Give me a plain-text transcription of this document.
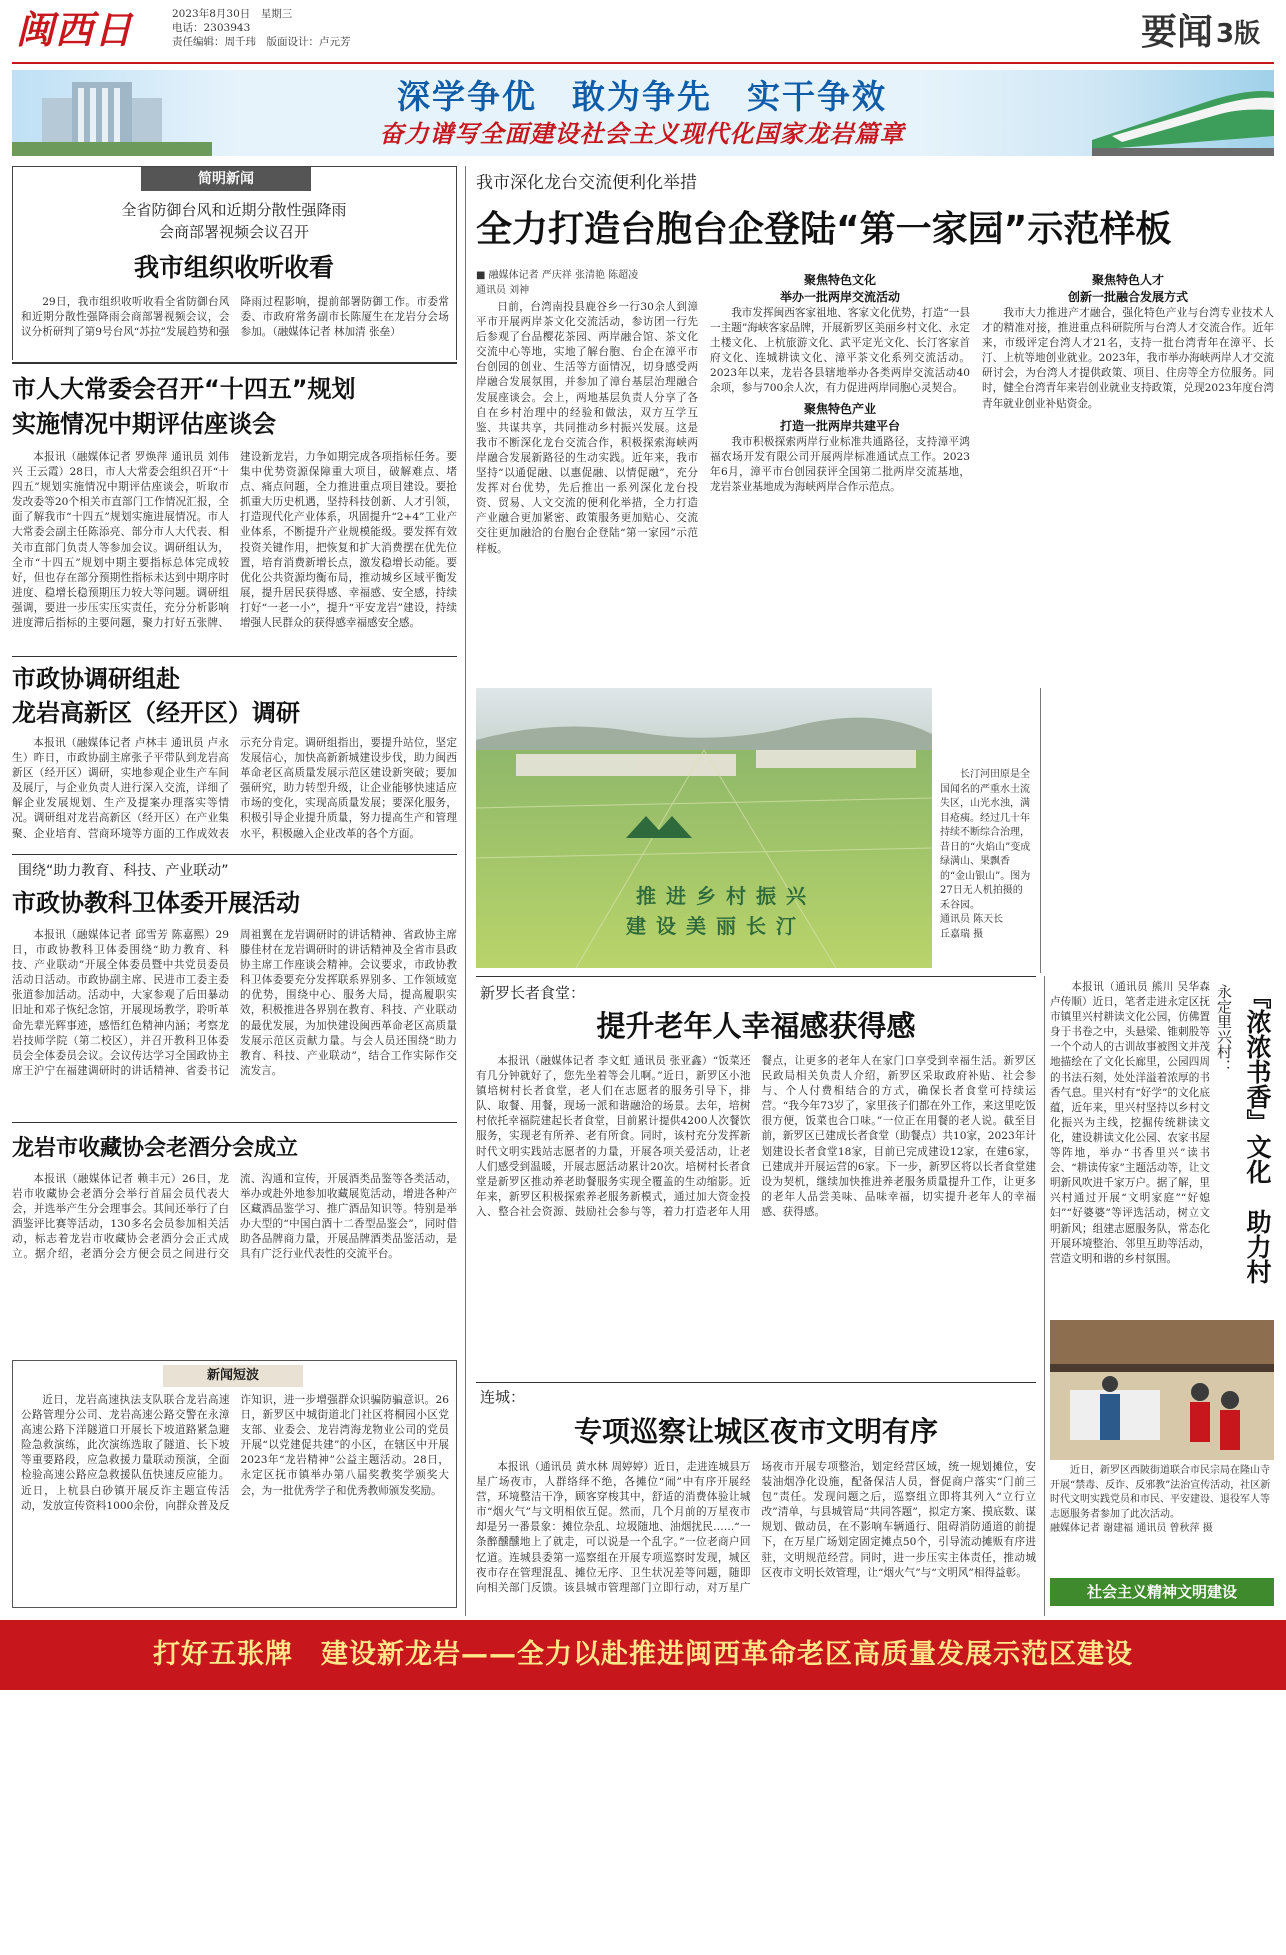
闽西日	2023年8月30日　星期三
电话：2303943
责任编辑：周千玮　版面设计：卢元芳	要闻 3版
深学争优　敢为争先　实干争效
奋力谱写全面建设社会主义现代化国家龙岩篇章
简明新闻
全省防御台风和近期分散性强降雨
会商部署视频会议召开
我市组织收听收看
29日，我市组织收听收看全省防御台风和近期分散性强降雨会商部署视频会议，会议分析研判了第9号台风“苏拉”发展趋势和强降雨过程影响，提前部署防御工作。市委常委、市政府常务副市长陈厦生在龙岩分会场参加。（融媒体记者 林加清 张垒）
市人大常委会召开“十四五”规划
实施情况中期评估座谈会
本报讯（融媒体记者 罗焕萍 通讯员 刘伟兴 王云霞）28日，市人大常委会组织召开“十四五”规划实施情况中期评估座谈会，听取市发改委等20个相关市直部门工作情况汇报，全面了解我市“十四五”规划实施进展情况。市人大常委会副主任陈添亮、部分市人大代表、相关市直部门负责人等参加会议。调研组认为，全市“十四五”规划中期主要指标总体完成较好，但也存在部分预期性指标未达到中期序时进度、稳增长稳预期压力较大等问题。调研组强调，要进一步压实压实责任，充分分析影响进度滞后指标的主要问题，聚力打好五张牌、建设新龙岩，力争如期完成各项指标任务。要集中优势资源保障重大项目，破解难点、堵点、痛点问题，全力推进重点项目建设。要抢抓重大历史机遇，坚持科技创新、人才引领，打造现代化产业体系，巩固提升“2+4”工业产业体系，不断提升产业规模能级。要发挥有效投资关键作用，把恢复和扩大消费摆在优先位置，培育消费新增长点，激发稳增长动能。要优化公共资源均衡布局，推动城乡区域平衡发展，提升居民获得感、幸福感、安全感，持续打好“一老一小”，提升“平安龙岩”建设，持续增强人民群众的获得感幸福感安全感。
市政协调研组赴
龙岩高新区（经开区）调研
本报讯（融媒体记者 卢林丰 通讯员 卢永生）昨日，市政协副主席张子平带队到龙岩高新区（经开区）调研，实地参观企业生产车间及展厅，与企业负责人进行深入交流，详细了解企业发展规划、生产及提案办理落实等情况。调研组对龙岩高新区（经开区）在产业集聚、企业培育、营商环境等方面的工作成效表示充分肯定。调研组指出，要提升站位，坚定发展信心，加快高新新城建设步伐，助力闽西革命老区高质量发展示范区建设新突破；要加强研究，助力转型升级，让企业能够快速适应市场的变化，实现高质量发展；要深化服务，积极引导企业提升质量，努力提高生产和管理水平，积极融入企业改革的各个方面。
围绕“助力教育、科技、产业联动”
市政协教科卫体委开展活动
本报讯（融媒体记者 邱雪芳 陈嘉熙）29日，市政协教科卫体委围绕“助力教育、科技、产业联动”开展全体委员暨中共党员委员活动日活动。市政协副主席、民进市工委主委张道参加活动。活动中，大家参观了后田暴动旧址和邓子恢纪念馆，开展现场教学，聆听革命先辈光辉事迹，感悟红色精神内涵；考察龙岩技师学院（第二校区），并召开教科卫体委员会全体委员会议。会议传达学习全国政协主席王沪宁在福建调研时的讲话精神、省委书记周祖翼在龙岩调研时的讲话精神、省政协主席滕佳材在龙岩调研时的讲话精神及全省市县政协主席工作座谈会精神。会议要求，市政协教科卫体委要充分发挥联系界别多、工作领域宽的优势，围绕中心、服务大局，提高履职实效，积极推进各界别在教育、科技、产业联动的最优发展，为加快建设闽西革命老区高质量发展示范区贡献力量。与会人员还围绕“助力教育、科技、产业联动”，结合工作实际作交流发言。
龙岩市收藏协会老酒分会成立
本报讯（融媒体记者 赖丰元）26日，龙岩市收藏协会老酒分会举行首届会员代表大会，并选举产生分会理事会。其间还举行了白酒鉴评比赛等活动，130多名会员参加相关活动，标志着龙岩市收藏协会老酒分会正式成立。据介绍，老酒分会方便会员之间进行交流、沟通和宣传，开展酒类品鉴等各类活动，举办或赴外地参加收藏展览活动，增进各种产区藏酒品鉴学习、推广酒品知识等。特别是举办大型的“中国白酒十二香型品鉴会”，同时借助各品牌商力量，开展品牌酒类品鉴活动，是具有广泛行业代表性的交流平台。
新闻短波
近日，龙岩高速执法支队联合龙岩高速公路管理分公司、龙岩高速公路交警在永漳高速公路下洋隧道口开展长下坡道路紧急避险急救演练，此次演练选取了隧道、长下坡等重要路段，应急救援力量联动预演，全面检验高速公路应急救援队伍快速反应能力。近日，上杭县白砂镇开展反诈主题宣传活动，发放宣传资料1000余份，向群众普及反诈知识，进一步增强群众识骗防骗意识。26日，新罗区中城街道北门社区将桐园小区党支部、业委会、龙岩湾海龙物业公司的党员开展“以党建促共建”的小区，在辖区中开展2023年“龙岩精神”公益主题活动。28日，永定区抚市镇举办第八届奖教奖学颁奖大会，为一批优秀学子和优秀教师颁发奖励。
我市深化龙台交流便利化举措
全力打造台胞台企登陆“第一家园”示范样板
■ 融媒体记者 严庆祥 张清艳 陈超凌
通讯员 刘神
日前，台湾南投县鹿谷乡一行30余人到漳平市开展两岸茶文化交流活动，参访团一行先后参观了台品樱花茶园、两岸融合馆、茶文化交流中心等地，实地了解台胞、台企在漳平市台创园的创业、生活等方面情况，切身感受两岸融合发展氛围，并参加了漳台基层治理融合发展座谈会。会上，两地基层负责人分享了各自在乡村治理中的经验和做法，双方互学互鉴、共谋共享，共同推动乡村振兴发展。这是我市不断深化龙台交流合作，积极探索海峡两岸融合发展新路径的生动实践。近年来，我市坚持“以通促融、以惠促融、以情促融”，充分发挥对台优势，先后推出一系列深化龙台投资、贸易、人文交流的便利化举措，全力打造产业融合更加紧密、政策服务更加贴心、交流交往更加融洽的台胞台企登陆“第一家园”示范样板。
聚焦特色文化
举办一批两岸交流活动
我市发挥闽西客家祖地、客家文化优势，打造“一县一主题”海峡客家品牌，开展新罗区美丽乡村文化、永定土楼文化、上杭旅游文化、武平定光文化、长汀客家首府文化、连城耕读文化、漳平茶文化系列交流活动。2023年以来，龙岩各县辖地举办各类两岸交流活动40余项，参与700余人次，有力促进两岸同胞心灵契合。
聚焦特色产业
打造一批两岸共建平台
我市积极探索两岸行业标准共通路径，支持漳平鸿福农场开发有限公司开展两岸标准通试点工作。2023年6月，漳平市台创园获评全国第二批两岸交流基地，龙岩茶业基地成为海峡两岸合作示范点。
聚焦特色人才
创新一批融合发展方式
我市大力推进产才融合，强化特色产业与台湾专业技术人才的精准对接，推进重点科研院所与台湾人才交流合作。近年来，市级评定台湾人才21名，支持一批台湾青年在漳平、长汀、上杭等地创业就业。2023年，我市举办海峡两岸人才交流研讨会，为台湾人才提供政策、项目、住房等全方位服务。同时，健全台湾青年来岩创业就业支持政策，兑现2023年度台湾青年就业创业补贴资金。
推进乡村振兴
建设美丽长汀
长汀河田原是全国闻名的严重水土流失区，山光水浊，满目疮痍。经过几十年持续不断综合治理，昔日的“火焰山”变成绿满山、果飘香的“金山银山”。图为27日无人机拍摄的禾谷园。
通讯员 陈天长
丘嘉瑞 摄
新罗长者食堂：
提升老年人幸福感获得感
本报讯（融媒体记者 李文虹 通讯员 张亚鑫）“饭菜还有几分钟就好了，您先坐着等会儿啊。”近日，新罗区小池镇培树村长者食堂，老人们在志愿者的服务引导下，排队、取餐、用餐，现场一派和谐融洽的场景。去年，培树村依托幸福院建起长者食堂，目前累计提供4200人次餐饮服务，实现老有所养、老有所食。同时，该村充分发挥新时代文明实践站志愿者的力量，开展各项关爱活动，让老人们感受到温暖，开展志愿活动累计20次。培树村长者食堂是新罗区推动养老助餐服务实现全覆盖的生动缩影。近年来，新罗区积极探索养老服务新模式，通过加大资金投入、整合社会资源、鼓励社会参与等，着力打造老年人用餐点，让更多的老年人在家门口享受到幸福生活。新罗区民政局相关负责人介绍，新罗区采取政府补贴、社会参与、个人付费相结合的方式，确保长者食堂可持续运营。“我今年73岁了，家里孩子们都在外工作，来这里吃饭很方便，饭菜也合口味。”一位正在用餐的老人说。截至目前，新罗区已建成长者食堂（助餐点）共10家，2023年计划建设长者食堂18家，目前已完成建设12家，在建6家，已建成并开展运营的6家。下一步，新罗区将以长者食堂建设为契机，继续加快推进养老服务质量提升工作，让更多的老年人品尝美味、品味幸福，切实提升老年人的幸福感、获得感。
连城：
专项巡察让城区夜市文明有序
本报讯（通讯员 黄水林 周婷婷）近日，走进连城县万星广场夜市，人群络绎不绝，各摊位“闹”中有序开展经营，环境整洁干净，顾客穿梭其中，舒适的消费体验让城市“烟火气”与文明相依互促。然而，几个月前的万星夜市却是另一番景象：摊位杂乱、垃圾随地、油烟扰民……“一条醉醺醺地上了就走，可以说是一个乱字。”一位老商户回忆道。连城县委第一巡察组在开展专项巡察时发现，城区夜市存在管理混乱、摊位无序、卫生状况差等问题，随即向相关部门反馈。该县城市管理部门立即行动，对万星广场夜市开展专项整治，划定经营区域，统一规划摊位，安装油烟净化设施，配备保洁人员，督促商户落实“门前三包”责任。发现问题之后，巡察组立即将其列入“立行立改”清单，与县城管局“共同答题”，拟定方案、摸底数、谋规划、做动员，在不影响车辆通行、阻碍消防通道的前提下，在万星广场划定固定摊点50个，引导流动摊贩有序进驻，文明规范经营。同时，进一步压实主体责任，推动城区夜市文明长效管理，让“烟火气”与“文明风”相得益彰。
『浓浓书香』文化　助力村
永定里兴村：
本报讯（通讯员 熊川 吴华森 卢传顺）近日，笔者走进永定区抚市镇里兴村耕读文化公园，仿佛置身于书卷之中，头悬梁、锥刺股等一个个动人的古训故事被图文并茂地描绘在了文化长廊里，公园四周的书法石刻，处处洋溢着浓厚的书香气息。里兴村有“好学”的文化底蕴，近年来，里兴村坚持以乡村文化振兴为主线，挖掘传统耕读文化，建设耕读文化公园、农家书屋等阵地，举办“书香里兴”读书会、“耕读传家”主题活动等，让文明新风吹进千家万户。据了解，里兴村通过开展“文明家庭”“好媳妇”“好婆婆”等评选活动，树立文明新风；组建志愿服务队，常态化开展环境整治、邻里互助等活动，营造文明和谐的乡村氛围。
近日，新罗区西陂街道联合市民宗局在隆山寺开展“禁毒、反诈、反邪教”法治宣传活动，社区新时代文明实践党员和市民、平安建设、退役军人等志愿服务者参加了此次活动。
融媒体记者 谢建福 通讯员 曾秋萍 摄
社会主义精神文明建设
打好五张牌　建设新龙岩——全力以赴推进闽西革命老区高质量发展示范区建设
